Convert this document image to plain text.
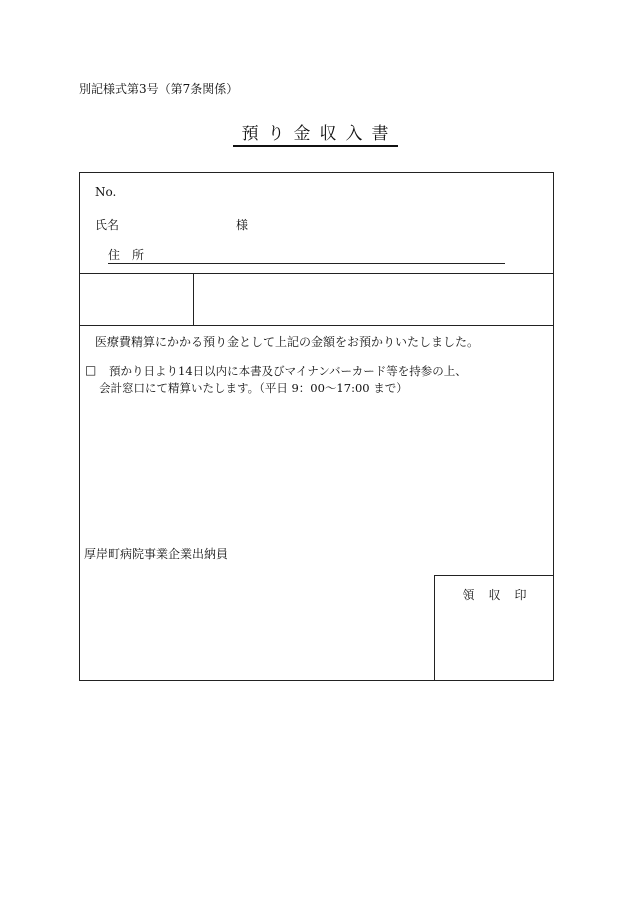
別記様式第3号（第7条関係）
預り金収入書
No.
氏名	様
住　所
医療費精算にかかる預り金として上記の金額をお預かりいたしました。
□ 預かり日より14日以内に本書及びマイナンバーカード等を持参の上、
会計窓口にて精算いたします。（平日 9：00～17:00 まで）
厚岸町病院事業企業出納員
領収印
